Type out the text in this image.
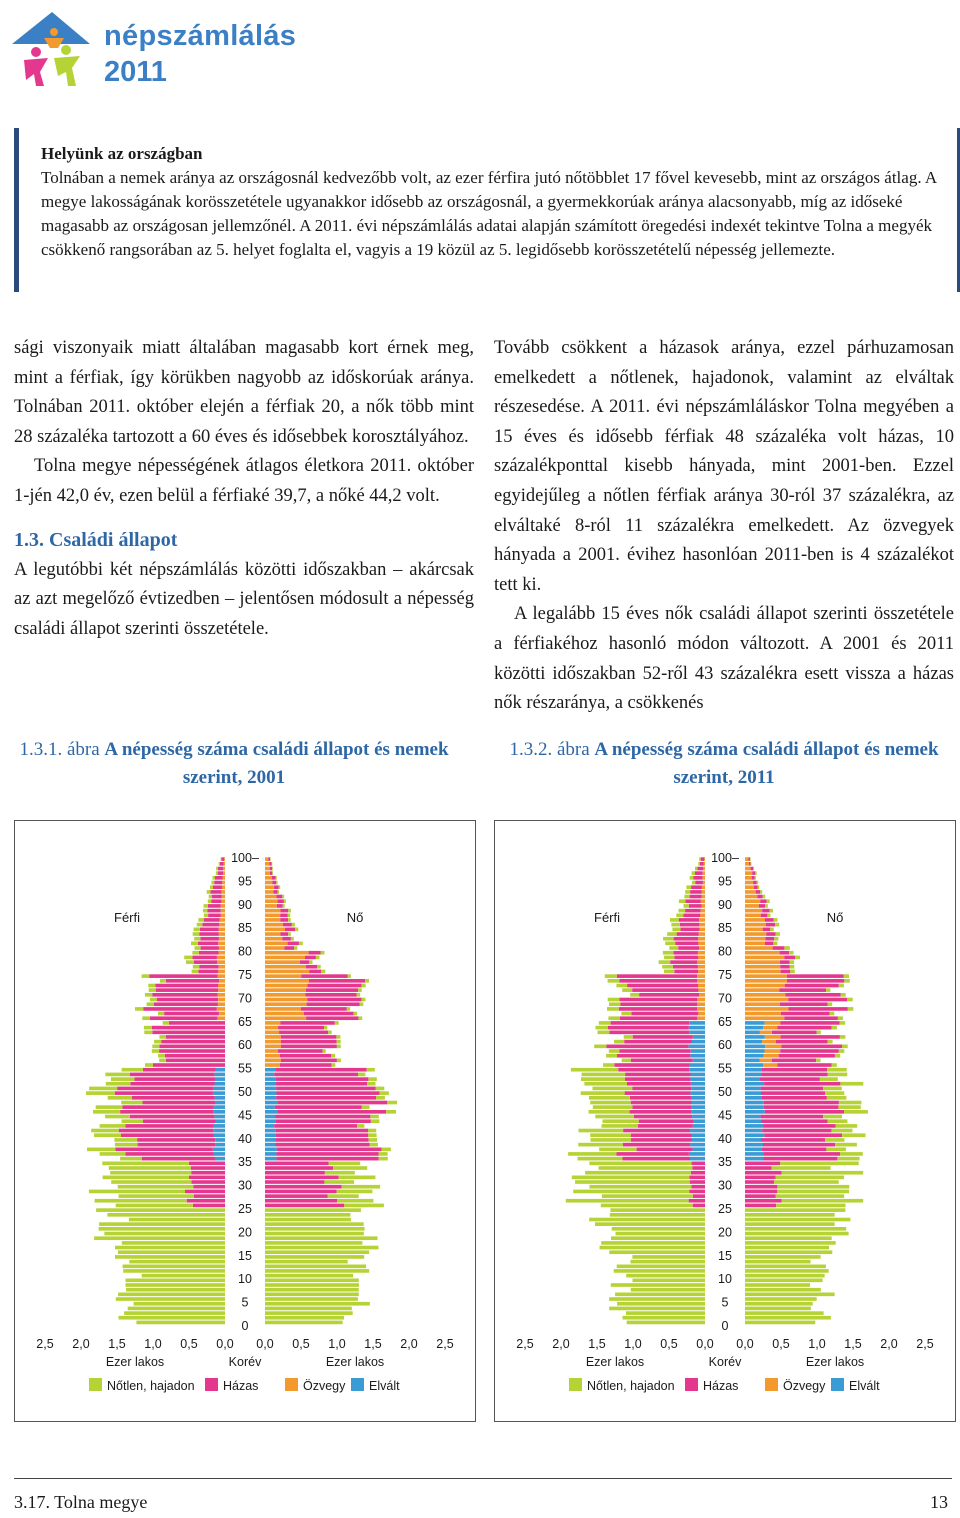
népszámlálás
2011
Helyünk az országban
Tolnában a nemek aránya az országosnál kedvezőbb volt, az ezer férfira jutó nőtöbblet 17 fővel kevesebb, mint az országos átlag. A megye lakosságának korösszetétele ugyanakkor idősebb az országosnál, a gyermekkorúak aránya alacsonyabb, míg az időseké magasabb az országosan jellemzőnél. A 2011. évi népszámlálás adatai alapján számított öregedési indexét tekintve Tolna a megyék csökkenő rangsorában az 5. helyet foglalta el, vagyis a 19 közül az 5. legidősebb korösszetételű népesség jellemezte.

sági viszonyaik miatt általában magasabb kort érnek meg, mint a férfiak, így körükben nagyobb az időskorúak aránya. Tolnában 2011. október elején a férfiak 20, a nők több mint 28 százaléka tartozott a 60 éves és idősebbek korosztályához.

Tolna megye népességének átlagos életkora 2011. október 1-jén 42,0 év, ezen belül a férfiaké 39,7, a nőké 44,2 volt.

1.3. Családi állapot

A legutóbbi két népszámlálás közötti időszakban – akárcsak az azt megelőző évtizedben – jelentősen módosult a népesség családi állapot szerinti összetétele.

Tovább csökkent a házasok aránya, ezzel párhuzamosan emelkedett a nőtlenek, hajadonok, valamint az elváltak részesedése. A 2011. évi népszámláláskor Tolna megyében a 15 éves és idősebb férfiak 48 százaléka volt házas, 10 százalékponttal kisebb hányada, mint 2001-ben. Ezzel egyidejűleg a nőtlen férfiak aránya 30-ról 37 százalékra, az elváltaké 8-ról 11 százalékra emelkedett. Az özvegyek hányada a 2001. évihez hasonlóan 2011-ben is 4 százalékot tett ki.

A legalább 15 éves nők családi állapot szerinti összetétele a férfiakéhoz hasonló módon változott. A 2001 és 2011 közötti időszakban 52-ről 43 százalékra esett vissza a házas nők részaránya, a csökkenés

1.3.1. ábra A népesség száma családi állapot és nemek szerint, 2001
1.3.2. ábra A népesség száma családi állapot és nemek szerint, 2011
100–
95
90
85
80
75
70
65
60
55
50
45
40
35
30
25
20
15
10
5
0
2,5 2,0 1,5 1,0 0,5 0,0 0,0 0,5 1,0 1,5 2,0 2,5
Ezer lakos	Ezer lakos
Korév
Férfi	Nő
Nőtlen, hajadon Házas	Özvegy Elvált
100–
95
90
85
80
75
70
65
60
55
50
45
40
35
30
25
20
15
10
5
0
2,5 2,0 1,5 1,0 0,5 0,0 0,0 0,5 1,0 1,5 2,0 2,5
Ezer lakos	Ezer lakos
Korév
Férfi	Nő
Nőtlen, hajadon Házas	Özvegy Elvált
3.17. Tolna megye	13
